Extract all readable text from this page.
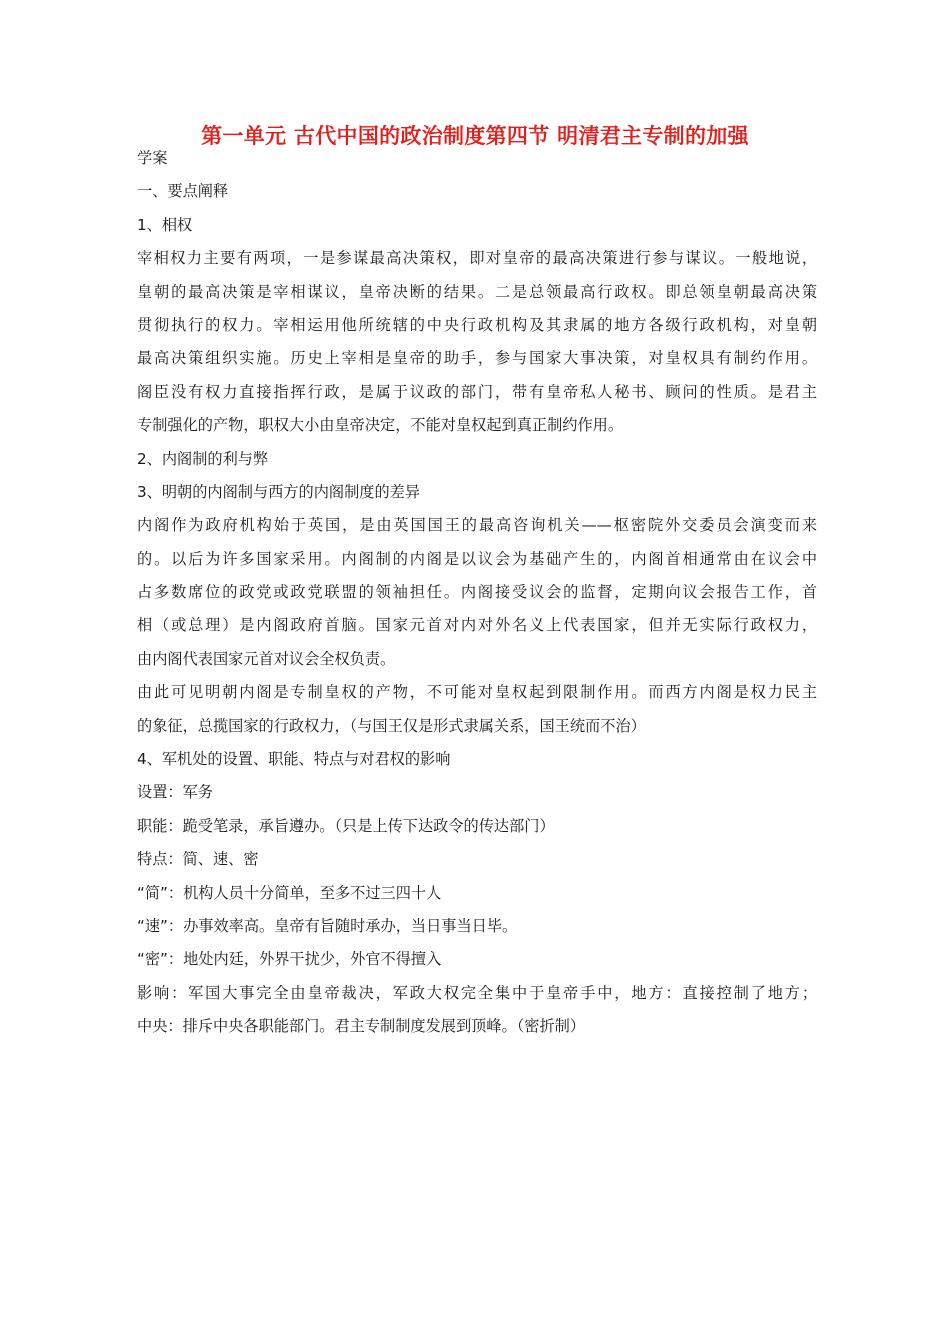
第一单元 古代中国的政治制度第四节 明清君主专制的加强
学案
一、要点阐释
1、相权
宰相权力主要有两项，一是参谋最高决策权，即对皇帝的最高决策进行参与谋议。一般地说，
皇朝的最高决策是宰相谋议，皇帝决断的结果。二是总领最高行政权。即总领皇朝最高决策
贯彻执行的权力。宰相运用他所统辖的中央行政机构及其隶属的地方各级行政机构，对皇朝
最高决策组织实施。历史上宰相是皇帝的助手，参与国家大事决策，对皇权具有制约作用。
阁臣没有权力直接指挥行政，是属于议政的部门，带有皇帝私人秘书、顾问的性质。是君主
专制强化的产物，职权大小由皇帝决定，不能对皇权起到真正制约作用。
2、内阁制的利与弊
3、明朝的内阁制与西方的内阁制度的差异
内阁作为政府机构始于英国，是由英国国王的最高咨询机关——枢密院外交委员会演变而来
的。以后为许多国家采用。内阁制的内阁是以议会为基础产生的，内阁首相通常由在议会中
占多数席位的政党或政党联盟的领袖担任。内阁接受议会的监督，定期向议会报告工作，首
相（或总理）是内阁政府首脑。国家元首对内对外名义上代表国家，但并无实际行政权力，
由内阁代表国家元首对议会全权负责。
由此可见明朝内阁是专制皇权的产物，不可能对皇权起到限制作用。而西方内阁是权力民主
的象征，总揽国家的行政权力，（与国王仅是形式隶属关系，国王统而不治）
4、军机处的设置、职能、特点与对君权的影响
设置：军务
职能：跪受笔录，承旨遵办。（只是上传下达政令的传达部门）
特点：简、速、密
“简”：机构人员十分简单，至多不过三四十人
“速”：办事效率高。皇帝有旨随时承办，当日事当日毕。
“密”：地处内廷，外界干扰少，外官不得擅入
影响：军国大事完全由皇帝裁决，军政大权完全集中于皇帝手中，地方：直接控制了地方；
中央：排斥中央各职能部门。君主专制制度发展到顶峰。（密折制）
